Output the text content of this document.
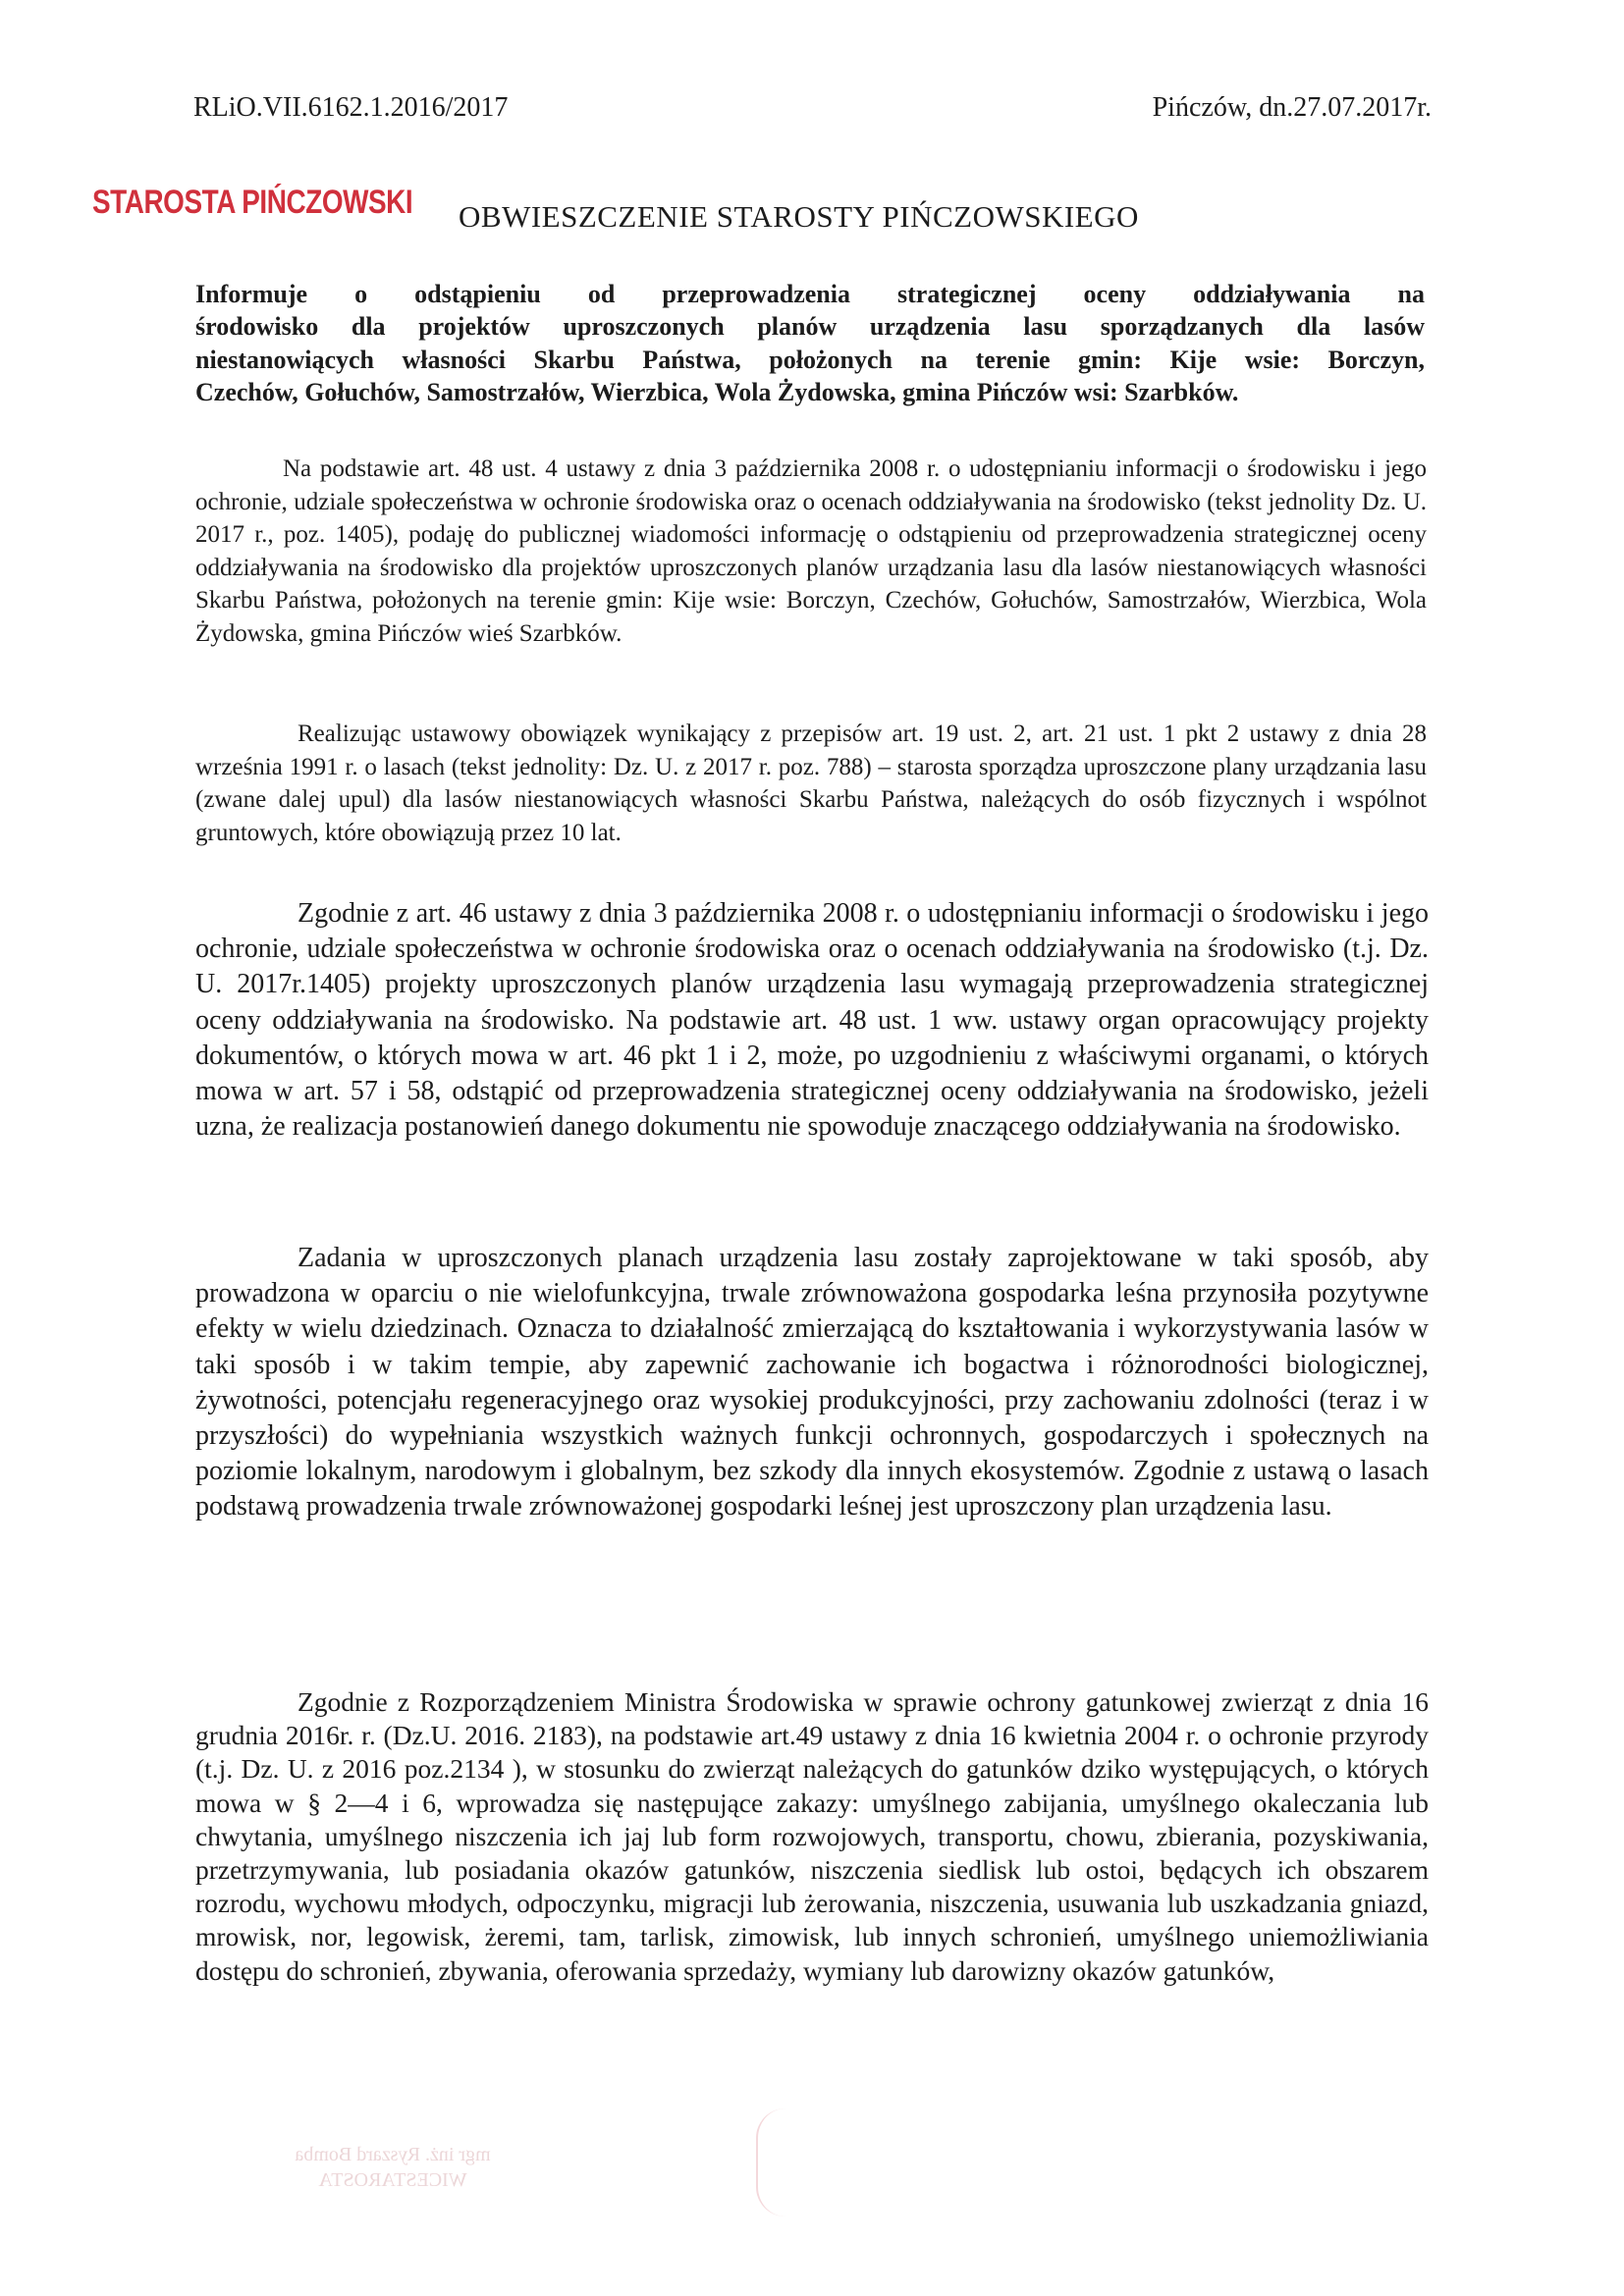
RLiO.VII.6162.1.2016/2017	Pińczów, dn.27.07.2017r.
STAROSTA PIŃCZOWSKI OBWIESZCZENIE STAROSTY PIŃCZOWSKIEGO
Informuje o odstąpieniu od przeprowadzenia strategicznej oceny oddziaływania na
środowisko dla projektów uproszczonych planów urządzenia lasu sporządzanych dla lasów
niestanowiących własności Skarbu Państwa, położonych na terenie gmin: Kije wsie: Borczyn,
Czechów, Gołuchów, Samostrzałów, Wierzbica, Wola Żydowska, gmina Pińczów wsi: Szarbków.
Na podstawie art. 48 ust. 4 ustawy z dnia 3 października 2008 r. o udostępnianiu informacji o środowisku i jego ochronie, udziale społeczeństwa w ochronie środowiska oraz o ocenach oddziaływania na środowisko (tekst jednolity Dz. U. 2017 r., poz. 1405), podaję do publicznej wiadomości informację o odstąpieniu od przeprowadzenia strategicznej oceny oddziaływania na środowisko dla projektów uproszczonych planów urządzania lasu dla lasów niestanowiących własności Skarbu Państwa, położonych na terenie gmin: Kije wsie: Borczyn, Czechów, Gołuchów, Samostrzałów, Wierzbica, Wola Żydowska, gmina Pińczów wieś Szarbków.
Realizując ustawowy obowiązek wynikający z przepisów art. 19 ust. 2, art. 21 ust. 1 pkt 2 ustawy z dnia 28 września 1991 r. o lasach (tekst jednolity: Dz. U. z 2017 r. poz. 788) – starosta sporządza uproszczone plany urządzania lasu (zwane dalej upul) dla lasów niestanowiących własności Skarbu Państwa, należących do osób fizycznych i wspólnot gruntowych, które obowiązują przez 10 lat.
Zgodnie z art. 46 ustawy z dnia 3 października 2008 r. o udostępnianiu informacji o środowisku i jego ochronie, udziale społeczeństwa w ochronie środowiska oraz o ocenach oddziaływania na środowisko (t.j. Dz. U. 2017r.1405) projekty uproszczonych planów urządzenia lasu wymagają przeprowadzenia strategicznej oceny oddziaływania na środowisko. Na podstawie art. 48 ust. 1 ww. ustawy organ opracowujący projekty dokumentów, o których mowa w art. 46 pkt 1 i 2, może, po uzgodnieniu z właściwymi organami, o których mowa w art. 57 i 58, odstąpić od przeprowadzenia strategicznej oceny oddziaływania na środowisko, jeżeli uzna, że realizacja postanowień danego dokumentu nie spowoduje znaczącego oddziaływania na środowisko.
Zadania w uproszczonych planach urządzenia lasu zostały zaprojektowane w taki sposób, aby prowadzona w oparciu o nie wielofunkcyjna, trwale zrównoważona gospodarka leśna przynosiła pozytywne efekty w wielu dziedzinach. Oznacza to działalność zmierzającą do kształtowania i wykorzystywania lasów w taki sposób i w takim tempie, aby zapewnić zachowanie ich bogactwa i różnorodności biologicznej, żywotności, potencjału regeneracyjnego oraz wysokiej produkcyjności, przy zachowaniu zdolności (teraz i w przyszłości) do wypełniania wszystkich ważnych funkcji ochronnych, gospodarczych i społecznych na poziomie lokalnym, narodowym i globalnym, bez szkody dla innych ekosystemów. Zgodnie z ustawą o lasach podstawą prowadzenia trwale zrównoważonej gospodarki leśnej jest uproszczony plan urządzenia lasu.
Zgodnie z Rozporządzeniem Ministra Środowiska w sprawie ochrony gatunkowej zwierząt z dnia 16 grudnia 2016r. r. (Dz.U. 2016. 2183), na podstawie art.49 ustawy z dnia 16 kwietnia 2004 r. o ochronie przyrody (t.j. Dz. U. z 2016 poz.2134 ), w stosunku do zwierząt należących do gatunków dziko występujących, o których mowa w § 2—4 i 6, wprowadza się następujące zakazy: umyślnego zabijania, umyślnego okaleczania lub chwytania, umyślnego niszczenia ich jaj lub form rozwojowych, transportu, chowu, zbierania, pozyskiwania, przetrzymywania, lub posiadania okazów gatunków, niszczenia siedlisk lub ostoi, będących ich obszarem rozrodu, wychowu młodych, odpoczynku, migracji lub żerowania, niszczenia, usuwania lub uszkadzania gniazd, mrowisk, nor, legowisk, żeremi, tam, tarlisk, zimowisk, lub innych schronień, umyślnego uniemożliwiania dostępu do schronień, zbywania, oferowania sprzedaży, wymiany lub darowizny okazów gatunków,
mgr inż. Ryszard Bomba
WICESTAROSTA
